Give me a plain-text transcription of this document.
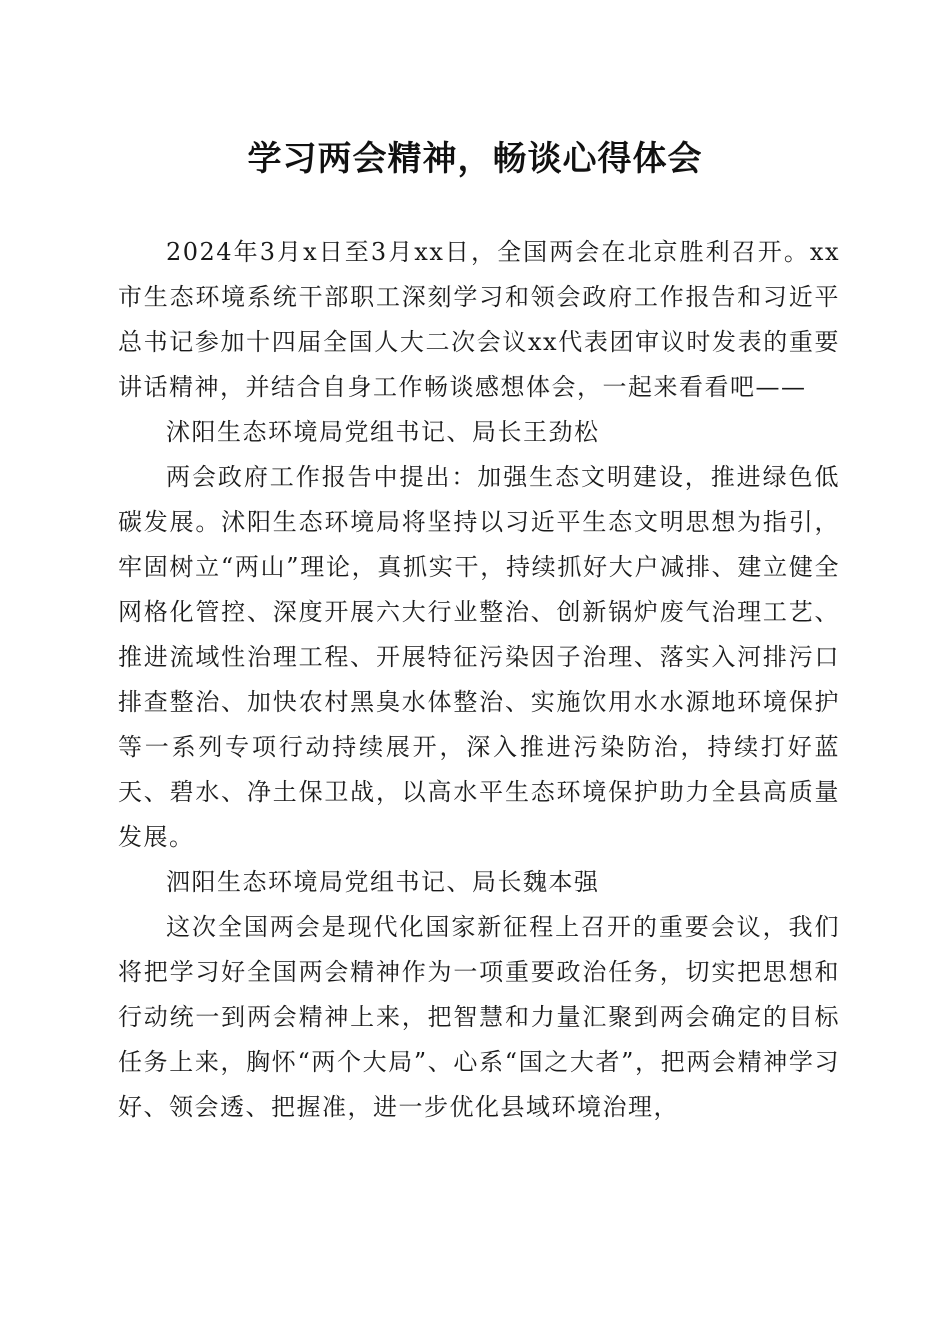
学习两会精神，畅谈心得体会

2024年3月x日至3月xx日，全国两会在北京胜利召开。xx市生态环境系统干部职工深刻学习和领会政府工作报告和习近平总书记参加十四届全国人大二次会议xx代表团审议时发表的重要讲话精神，并结合自身工作畅谈感想体会，一起来看看吧——

沭阳生态环境局党组书记、局长王劲松

两会政府工作报告中提出：加强生态文明建设，推进绿色低碳发展。沭阳生态环境局将坚持以习近平生态文明思想为指引，牢固树立“两山”理论，真抓实干，持续抓好大户减排、建立健全网格化管控、深度开展六大行业整治、创新锅炉废气治理工艺、推进流域性治理工程、开展特征污染因子治理、落实入河排污口排查整治、加快农村黑臭水体整治、实施饮用水水源地环境保护等一系列专项行动持续展开，深入推进污染防治，持续打好蓝天、碧水、净土保卫战，以高水平生态环境保护助力全县高质量发展。

泗阳生态环境局党组书记、局长魏本强

这次全国两会是现代化国家新征程上召开的重要会议，我们将把学习好全国两会精神作为一项重要政治任务，切实把思想和行动统一到两会精神上来，把智慧和力量汇聚到两会确定的目标任务上来，胸怀“两个大局”、心系“国之大者”，把两会精神学习好、领会透、把握准，进一步优化县域环境治理，
